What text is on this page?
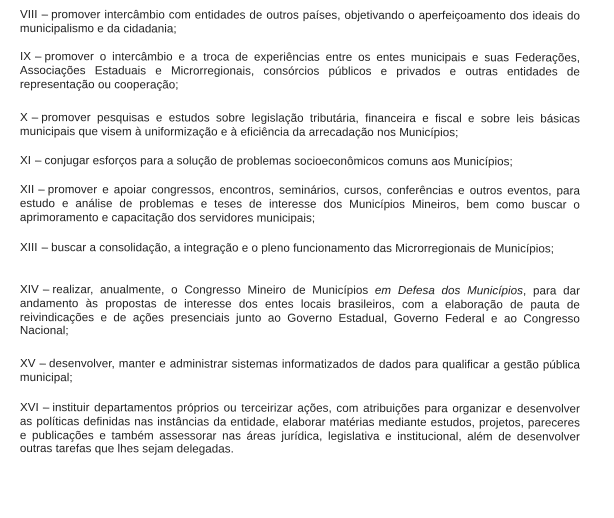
VIII – promover intercâmbio com entidades de outros países, objetivando o aperfeiçoamento dos ideais do municipalismo e da cidadania;

IX – promover o intercâmbio e a troca de experiências entre os entes municipais e suas Federações, Associações Estaduais e Microrregionais, consórcios públicos e privados e outras entidades de representação ou cooperação;

X – promover pesquisas e estudos sobre legislação tributária, financeira e fiscal e sobre leis básicas municipais que visem à uniformização e à eficiência da arrecadação nos Municípios;

XI – conjugar esforços para a solução de problemas socioeconômicos comuns aos Municípios;

XII – promover e apoiar congressos, encontros, seminários, cursos, conferências e outros eventos, para estudo e análise de problemas e teses de interesse dos Municípios Mineiros, bem como buscar o aprimoramento e capacitação dos servidores municipais;

XIII – buscar a consolidação, a integração e o pleno funcionamento das Microrregionais de Municípios;

XIV – realizar, anualmente, o Congresso Mineiro de Municípios em Defesa dos Municípios, para dar andamento às propostas de interesse dos entes locais brasileiros, com a elaboração de pauta de reivindicações e de ações presenciais junto ao Governo Estadual, Governo Federal e ao Congresso Nacional;

XV – desenvolver, manter e administrar sistemas informatizados de dados para qualificar a gestão pública municipal;

XVI – instituir departamentos próprios ou terceirizar ações, com atribuições para organizar e desenvolver as políticas definidas nas instâncias da entidade, elaborar matérias mediante estudos, projetos, pareceres e publicações e também assessorar nas áreas jurídica, legislativa e institucional, além de desenvolver outras tarefas que lhes sejam delegadas.
